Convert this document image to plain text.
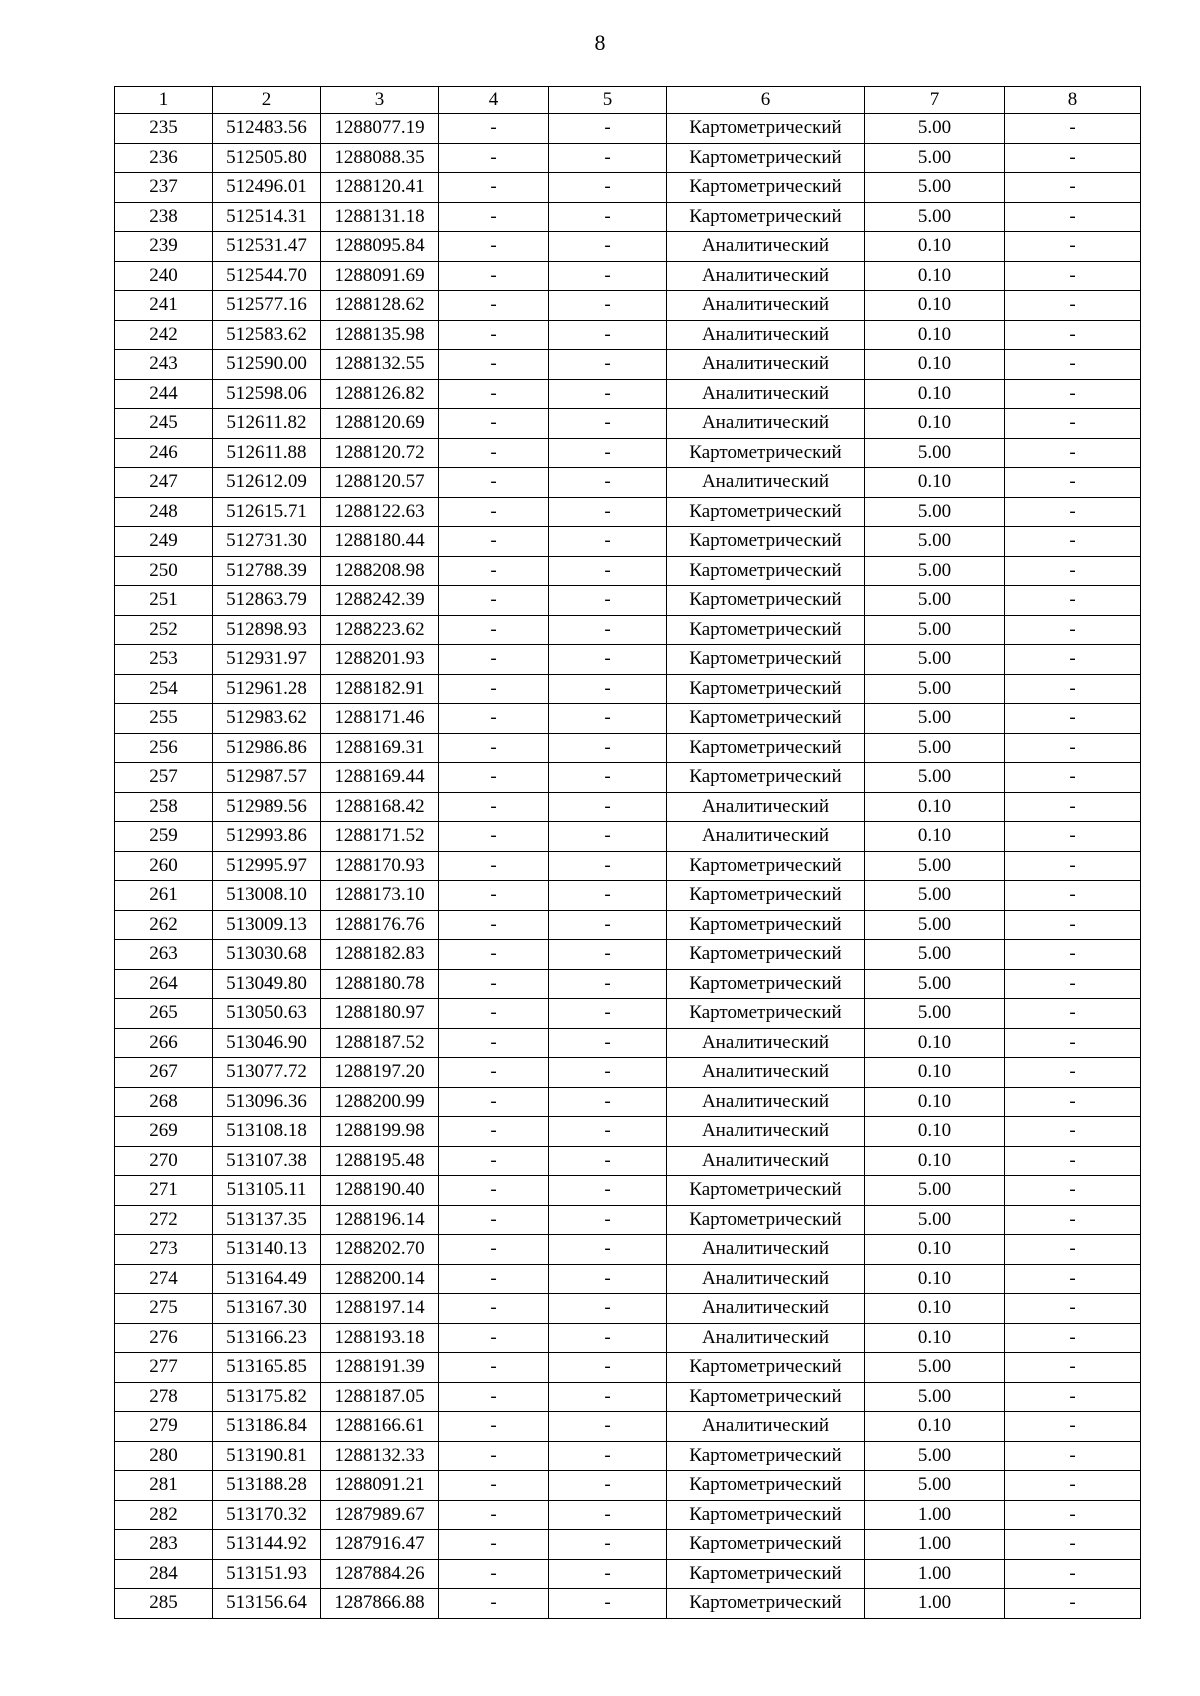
8
1	2	3	4	5	6	7	8
235	512483.56	1288077.19	-	-	Картометрический	5.00	-
236	512505.80	1288088.35	-	-	Картометрический	5.00	-
237	512496.01	1288120.41	-	-	Картометрический	5.00	-
238	512514.31	1288131.18	-	-	Картометрический	5.00	-
239	512531.47	1288095.84	-	-	Аналитический	0.10	-
240	512544.70	1288091.69	-	-	Аналитический	0.10	-
241	512577.16	1288128.62	-	-	Аналитический	0.10	-
242	512583.62	1288135.98	-	-	Аналитический	0.10	-
243	512590.00	1288132.55	-	-	Аналитический	0.10	-
244	512598.06	1288126.82	-	-	Аналитический	0.10	-
245	512611.82	1288120.69	-	-	Аналитический	0.10	-
246	512611.88	1288120.72	-	-	Картометрический	5.00	-
247	512612.09	1288120.57	-	-	Аналитический	0.10	-
248	512615.71	1288122.63	-	-	Картометрический	5.00	-
249	512731.30	1288180.44	-	-	Картометрический	5.00	-
250	512788.39	1288208.98	-	-	Картометрический	5.00	-
251	512863.79	1288242.39	-	-	Картометрический	5.00	-
252	512898.93	1288223.62	-	-	Картометрический	5.00	-
253	512931.97	1288201.93	-	-	Картометрический	5.00	-
254	512961.28	1288182.91	-	-	Картометрический	5.00	-
255	512983.62	1288171.46	-	-	Картометрический	5.00	-
256	512986.86	1288169.31	-	-	Картометрический	5.00	-
257	512987.57	1288169.44	-	-	Картометрический	5.00	-
258	512989.56	1288168.42	-	-	Аналитический	0.10	-
259	512993.86	1288171.52	-	-	Аналитический	0.10	-
260	512995.97	1288170.93	-	-	Картометрический	5.00	-
261	513008.10	1288173.10	-	-	Картометрический	5.00	-
262	513009.13	1288176.76	-	-	Картометрический	5.00	-
263	513030.68	1288182.83	-	-	Картометрический	5.00	-
264	513049.80	1288180.78	-	-	Картометрический	5.00	-
265	513050.63	1288180.97	-	-	Картометрический	5.00	-
266	513046.90	1288187.52	-	-	Аналитический	0.10	-
267	513077.72	1288197.20	-	-	Аналитический	0.10	-
268	513096.36	1288200.99	-	-	Аналитический	0.10	-
269	513108.18	1288199.98	-	-	Аналитический	0.10	-
270	513107.38	1288195.48	-	-	Аналитический	0.10	-
271	513105.11	1288190.40	-	-	Картометрический	5.00	-
272	513137.35	1288196.14	-	-	Картометрический	5.00	-
273	513140.13	1288202.70	-	-	Аналитический	0.10	-
274	513164.49	1288200.14	-	-	Аналитический	0.10	-
275	513167.30	1288197.14	-	-	Аналитический	0.10	-
276	513166.23	1288193.18	-	-	Аналитический	0.10	-
277	513165.85	1288191.39	-	-	Картометрический	5.00	-
278	513175.82	1288187.05	-	-	Картометрический	5.00	-
279	513186.84	1288166.61	-	-	Аналитический	0.10	-
280	513190.81	1288132.33	-	-	Картометрический	5.00	-
281	513188.28	1288091.21	-	-	Картометрический	5.00	-
282	513170.32	1287989.67	-	-	Картометрический	1.00	-
283	513144.92	1287916.47	-	-	Картометрический	1.00	-
284	513151.93	1287884.26	-	-	Картометрический	1.00	-
285	513156.64	1287866.88	-	-	Картометрический	1.00	-
